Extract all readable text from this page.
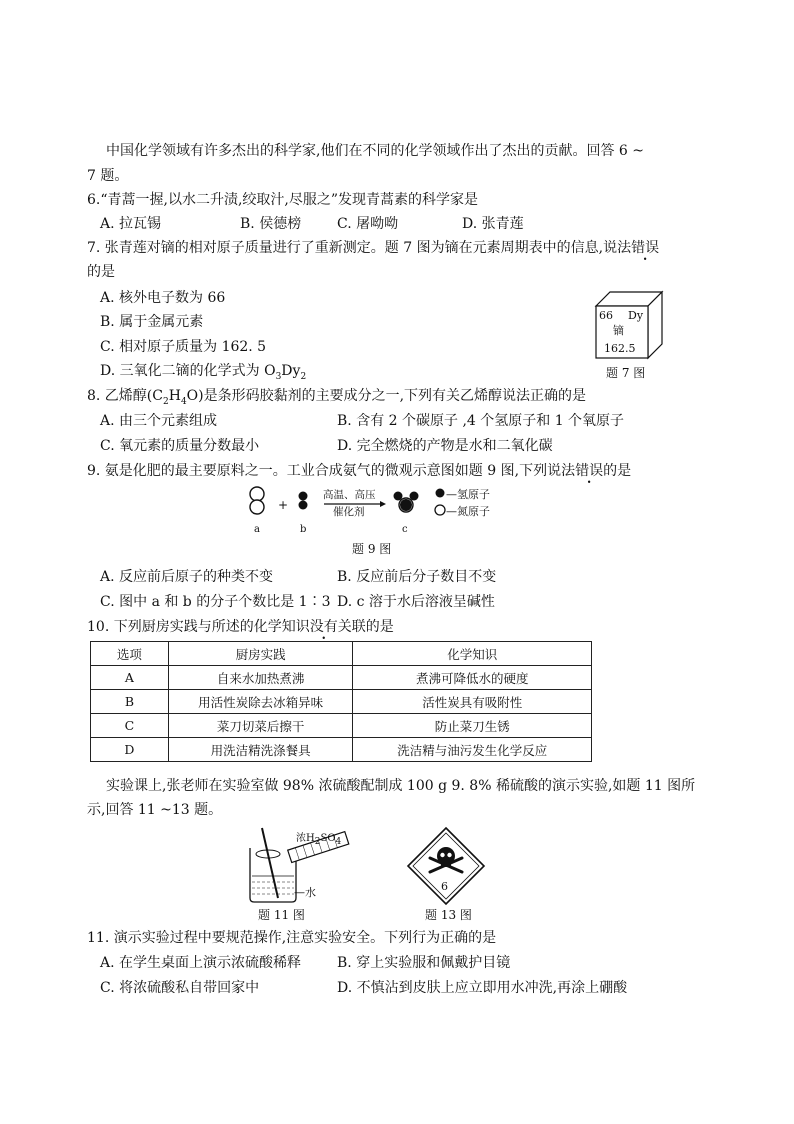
中国化学领域有许多杰出的科学家,他们在不同的化学领域作出了杰出的贡献。回答 6 ~
7 题。
6.“青蒿一握,以水二升渍,绞取汁,尽服之”发现青蒿素的科学家是
A. 拉瓦锡	B. 侯德榜	C. 屠呦呦	D. 张青莲
7. 张青莲对镝的相对原子质量进行了重新测定。题 7 图为镝在元素周期表中的信息,说法错误
的是
A. 核外电子数为 66
B. 属于金属元素
C. 相对原子质量为 162. 5
D. 三氧化二镝的化学式为 $O_3Dy_2$
66 Dy
镝
162.5
题 7 图
8. 乙烯醇$(C_2H_4O)$是条形码胶黏剂的主要成分之一,下列有关乙烯醇说法正确的是
A. 由三个元素组成	B. 含有 2 个碳原子 ,4 个氢原子和 1 个氧原子
C. 氧元素的质量分数最小	D. 完全燃烧的产物是水和二氧化碳
9. 氨是化肥的最主要原料之一。工业合成氨气的微观示意图如题 9 图,下列说法错误的是
+
高温、高压
催化剂
a	b	c
—氢原子
—氮原子
题 9 图
A. 反应前后原子的种类不变	B. 反应前后分子数目不变
C. 图中 a 和 b 的分子个数比是 1∶3 D. c 溶于水后溶液呈碱性
10. 下列厨房实践与所述的化学知识没有关联的是
选项	厨房实践	化学知识
A	自来水加热煮沸	煮沸可降低水的硬度
B	用活性炭除去冰箱异味	活性炭具有吸附性
C	菜刀切菜后擦干	防止菜刀生锈
D	用洗洁精洗涤餐具	洗洁精与油污发生化学反应
实验课上,张老师在实验室做 98% 浓硫酸配制成 100 g 9. 8% 稀硫酸的演示实验,如题 11 图所
示,回答 11 ~13 题。
浓$H_2SO_4$
—水
题 11 图
6
题 13 图
11. 演示实验过程中要规范操作,注意实验安全。下列行为正确的是
A. 在学生桌面上演示浓硫酸稀释	B. 穿上实验服和佩戴护目镜
C. 将浓硫酸私自带回家中	D. 不慎沾到皮肤上应立即用水冲洗,再涂上硼酸
